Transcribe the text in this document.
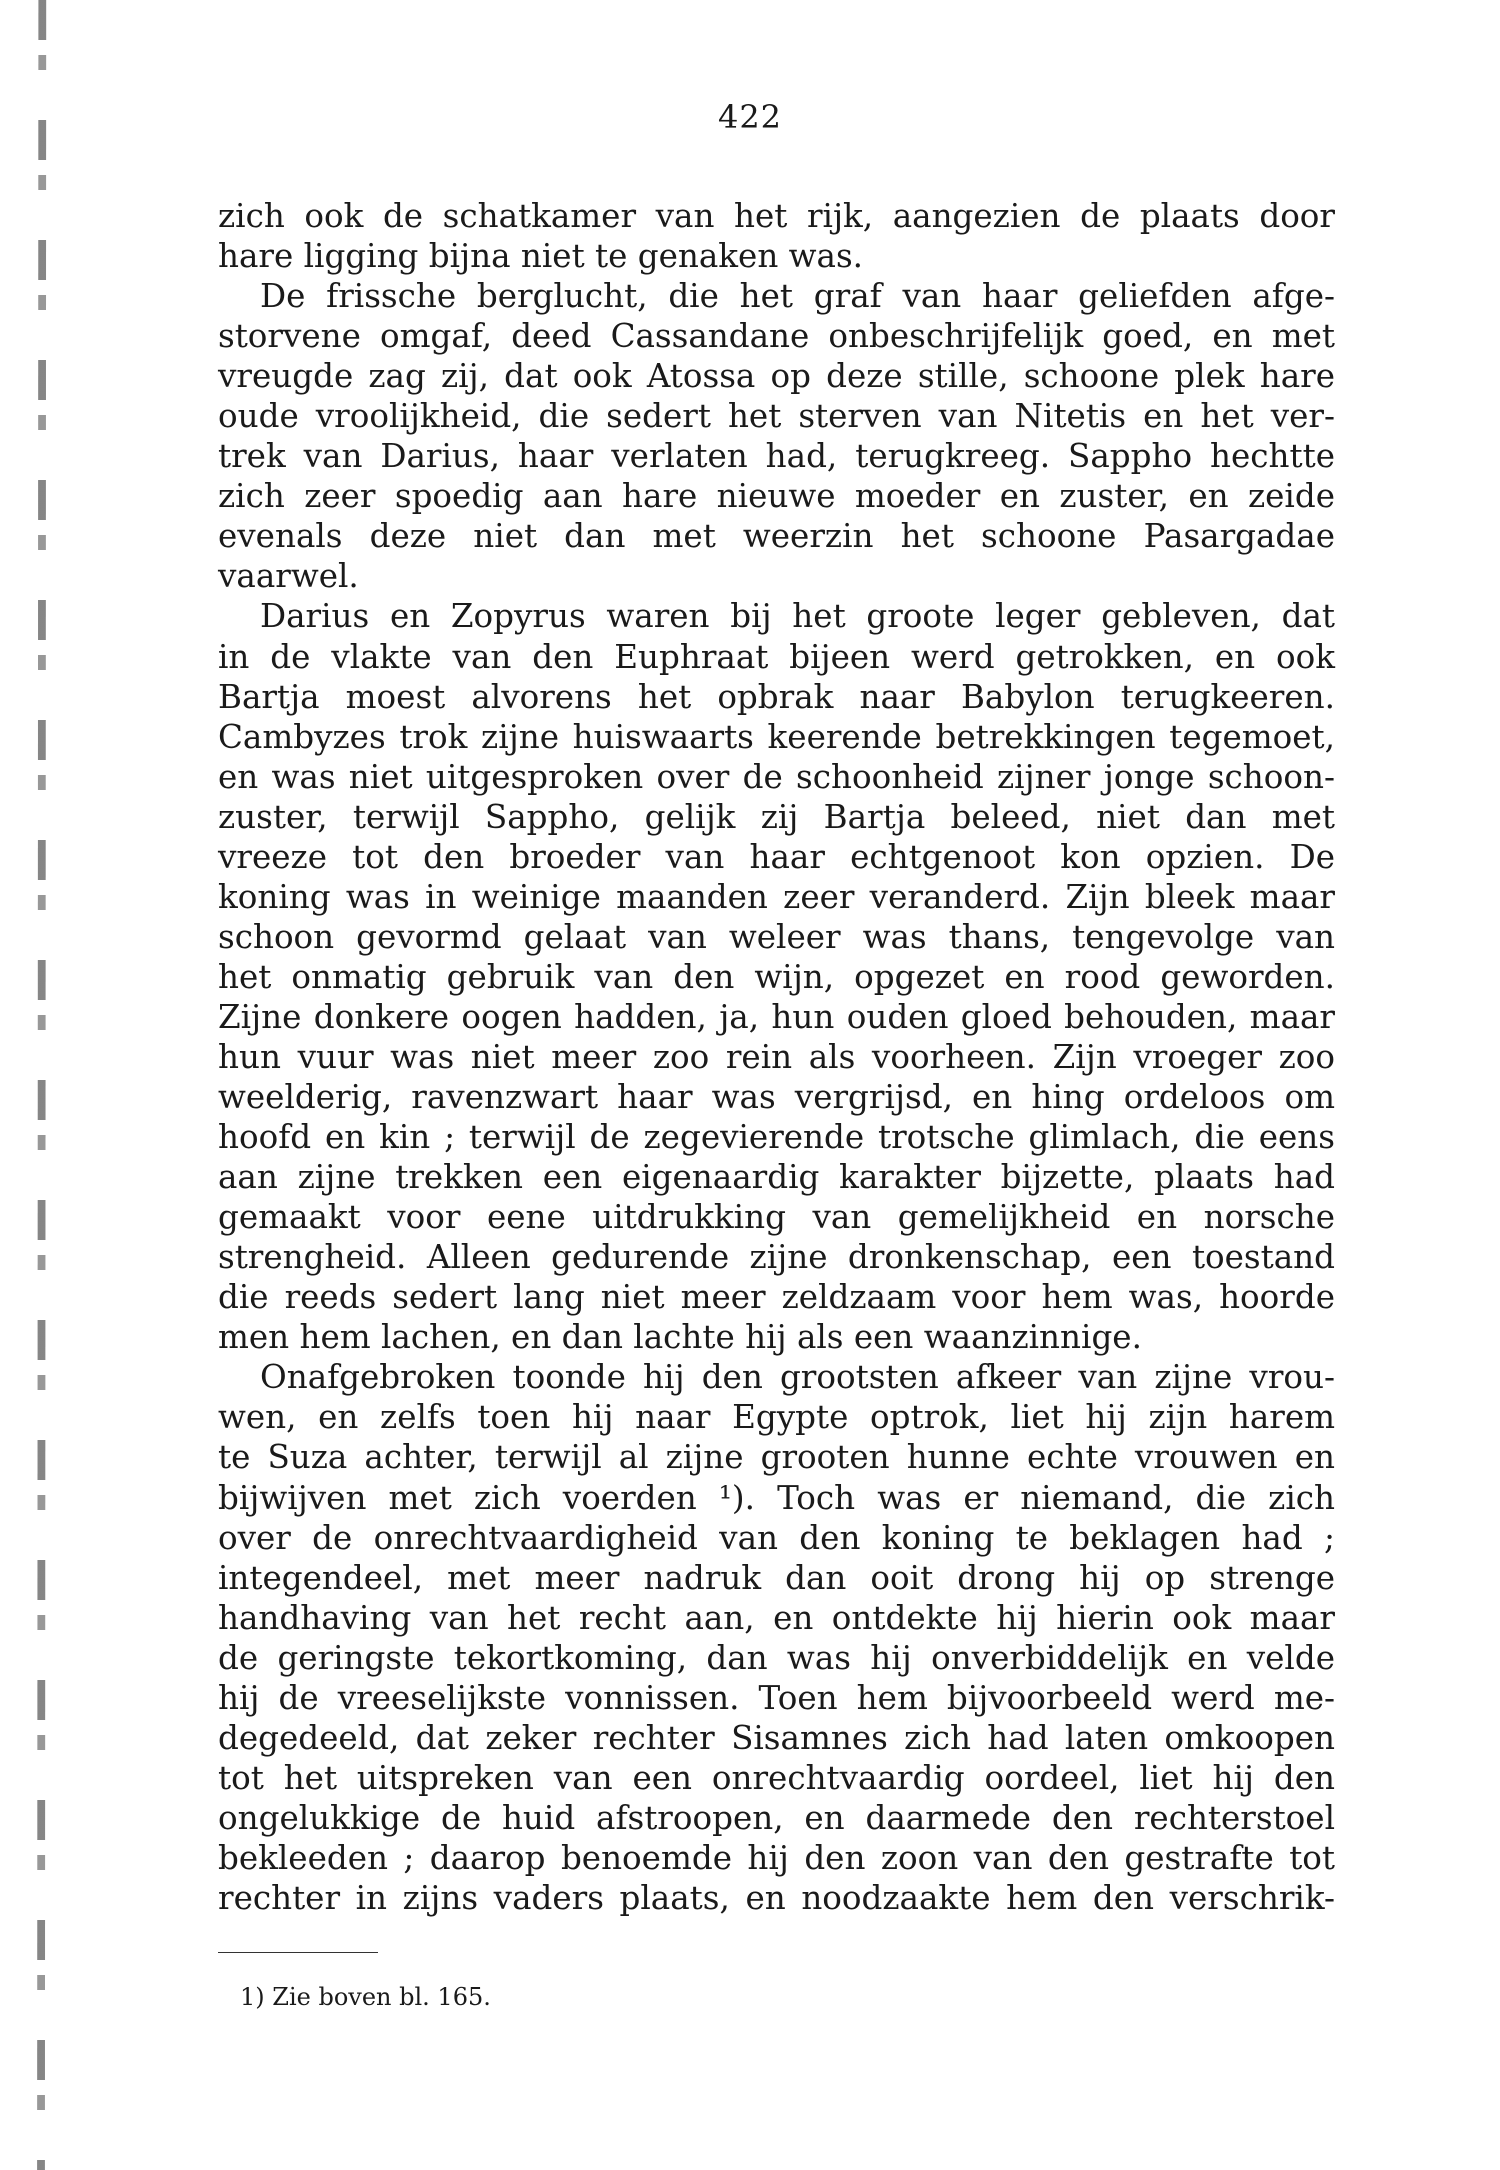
422
zich ook de schatkamer van het rijk, aangezien de plaats door
hare ligging bijna niet te genaken was.
De frissche berglucht, die het graf van haar geliefden afge-
storvene omgaf, deed Cassandane onbeschrijfelijk goed, en met
vreugde zag zij, dat ook Atossa op deze stille, schoone plek hare
oude vroolijkheid, die sedert het sterven van Nitetis en het ver-
trek van Darius, haar verlaten had, terugkreeg. Sappho hechtte
zich zeer spoedig aan hare nieuwe moeder en zuster, en zeide
evenals deze niet dan met weerzin het schoone Pasargadae
vaarwel.
Darius en Zopyrus waren bij het groote leger gebleven, dat
in de vlakte van den Euphraat bijeen werd getrokken, en ook
Bartja moest alvorens het opbrak naar Babylon terugkeeren.
Cambyzes trok zijne huiswaarts keerende betrekkingen tegemoet,
en was niet uitgesproken over de schoonheid zijner jonge schoon-
zuster, terwijl Sappho, gelijk zij Bartja beleed, niet dan met
vreeze tot den broeder van haar echtgenoot kon opzien. De
koning was in weinige maanden zeer veranderd. Zijn bleek maar
schoon gevormd gelaat van weleer was thans, tengevolge van
het onmatig gebruik van den wijn, opgezet en rood geworden.
Zijne donkere oogen hadden, ja, hun ouden gloed behouden, maar
hun vuur was niet meer zoo rein als voorheen. Zijn vroeger zoo
weelderig, ravenzwart haar was vergrijsd, en hing ordeloos om
hoofd en kin ; terwijl de zegevierende trotsche glimlach, die eens
aan zijne trekken een eigenaardig karakter bijzette, plaats had
gemaakt voor eene uitdrukking van gemelijkheid en norsche
strengheid. Alleen gedurende zijne dronkenschap, een toestand
die reeds sedert lang niet meer zeldzaam voor hem was, hoorde
men hem lachen, en dan lachte hij als een waanzinnige.
Onafgebroken toonde hij den grootsten afkeer van zijne vrou-
wen, en zelfs toen hij naar Egypte optrok, liet hij zijn harem
te Suza achter, terwijl al zijne grooten hunne echte vrouwen en
bijwijven met zich voerden ¹). Toch was er niemand, die zich
over de onrechtvaardigheid van den koning te beklagen had ;
integendeel, met meer nadruk dan ooit drong hij op strenge
handhaving van het recht aan, en ontdekte hij hierin ook maar
de geringste tekortkoming, dan was hij onverbiddelijk en velde
hij de vreeselijkste vonnissen. Toen hem bijvoorbeeld werd me-
degedeeld, dat zeker rechter Sisamnes zich had laten omkoopen
tot het uitspreken van een onrechtvaardig oordeel, liet hij den
ongelukkige de huid afstroopen, en daarmede den rechterstoel
bekleeden ; daarop benoemde hij den zoon van den gestrafte tot
rechter in zijns vaders plaats, en noodzaakte hem den verschrik-
1) Zie boven bl. 165.
